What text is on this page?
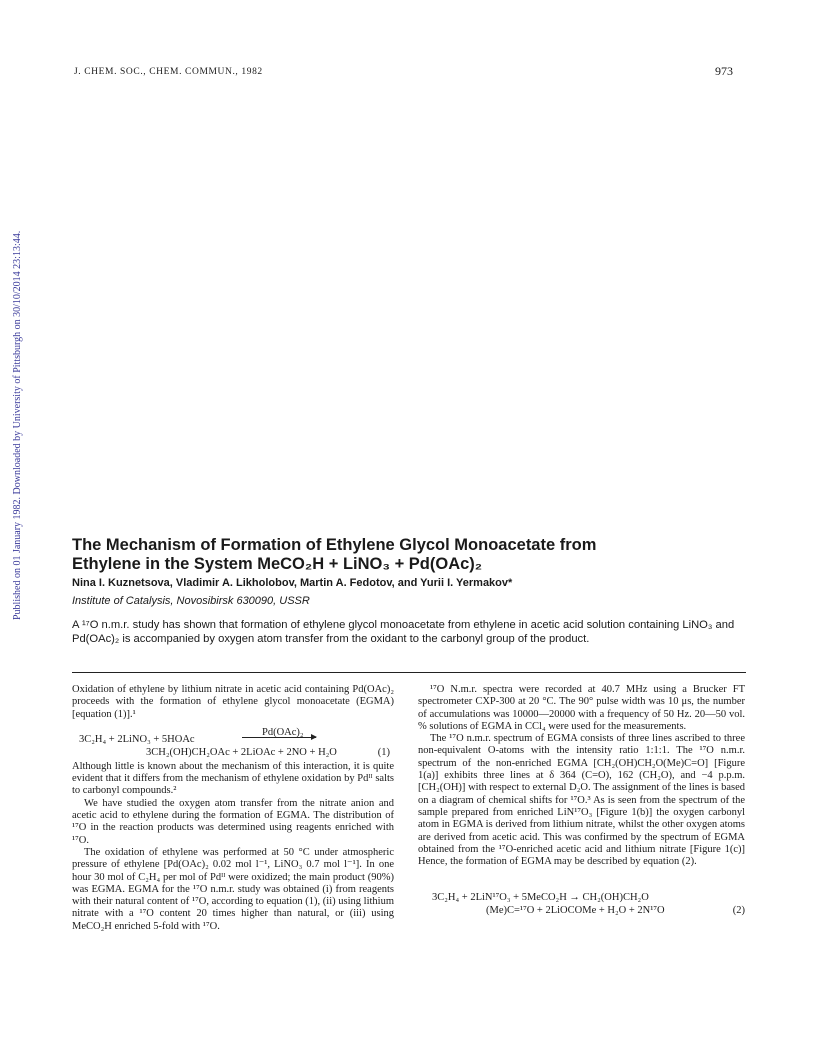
J. CHEM. SOC., CHEM. COMMUN., 1982	973
Published on 01 January 1982. Downloaded by University of Pittsburgh on 30/10/2014 23:13:44.	The Mechanism of Formation of Ethylene Glycol Monoacetate from
Ethylene in the System MeCO₂H + LiNO₃ + Pd(OAc)₂
Nina I. Kuznetsova, Vladimir A. Likholobov, Martin A. Fedotov, and Yurii I. Yermakov*
Institute of Catalysis, Novosibirsk 630090, USSR
A ¹⁷O n.m.r. study has shown that formation of ethylene glycol monoacetate from ethylene in acetic acid solution containing LiNO₃ and Pd(OAc)₂ is accompanied by oxygen atom transfer from the oxidant to the carbonyl group of the product.

Oxidation of ethylene by lithium nitrate in acetic acid containing Pd(OAc)₂ proceeds with the formation of ethylene glycol monoacetate (EGMA) [equation (1)].¹

Pd(OAc)₂
3C₂H₄ + 2LiNO₃ + 5HOAc
3CH₂(OH)CH₂OAc + 2LiOAc + 2NO + H₂O	(1)

Although little is known about the mechanism of this interaction, it is quite evident that it differs from the mechanism of ethylene oxidation by Pdᴵᴵ salts to carbonyl compounds.²

We have studied the oxygen atom transfer from the nitrate anion and acetic acid to ethylene during the formation of EGMA. The distribution of ¹⁷O in the reaction products was determined using reagents enriched with ¹⁷O.

The oxidation of ethylene was performed at 50 °C under atmospheric pressure of ethylene [Pd(OAc)₂ 0.02 mol l⁻¹, LiNO₃ 0.7 mol l⁻¹]. In one hour 30 mol of C₂H₄ per mol of Pdᴵᴵ were oxidized; the main product (90%) was EGMA. EGMA for the ¹⁷O n.m.r. study was obtained (i) from reagents with their natural content of ¹⁷O, according to equation (1), (ii) using lithium nitrate with a ¹⁷O content 20 times higher than natural, or (iii) using MeCO₂H enriched 5-fold with ¹⁷O.

¹⁷O N.m.r. spectra were recorded at 40.7 MHz using a Brucker FT spectrometer CXP-300 at 20 °C. The 90° pulse width was 10 μs, the number of accumulations was 10000—20000 with a frequency of 50 Hz. 20—50 vol. % solutions of EGMA in CCl₄ were used for the measurements.

The ¹⁷O n.m.r. spectrum of EGMA consists of three lines ascribed to three non-equivalent O-atoms with the intensity ratio 1:1:1. The ¹⁷O n.m.r. spectrum of the non-enriched EGMA [CH₂(OH)CH₂O(Me)C=O] [Figure 1(a)] exhibits three lines at δ 364 (C=O), 162 (CH₂O), and −4 p.p.m. [CH₂(OH)] with respect to external D₂O. The assignment of the lines is based on a diagram of chemical shifts for ¹⁷O.³ As is seen from the spectrum of the sample prepared from enriched LiN¹⁷O₃ [Figure 1(b)] the oxygen carbonyl atom in EGMA is derived from lithium nitrate, whilst the other oxygen atoms are derived from acetic acid. This was confirmed by the spectrum of EGMA obtained from the ¹⁷O-enriched acetic acid and lithium nitrate [Figure 1(c)] Hence, the formation of EGMA may be described by equation (2).

3C₂H₄ + 2LiN¹⁷O₃ + 5MeCO₂H → CH₂(OH)CH₂O
(Me)C=¹⁷O + 2LiOCOMe + H₂O + 2N¹⁷O	(2)
